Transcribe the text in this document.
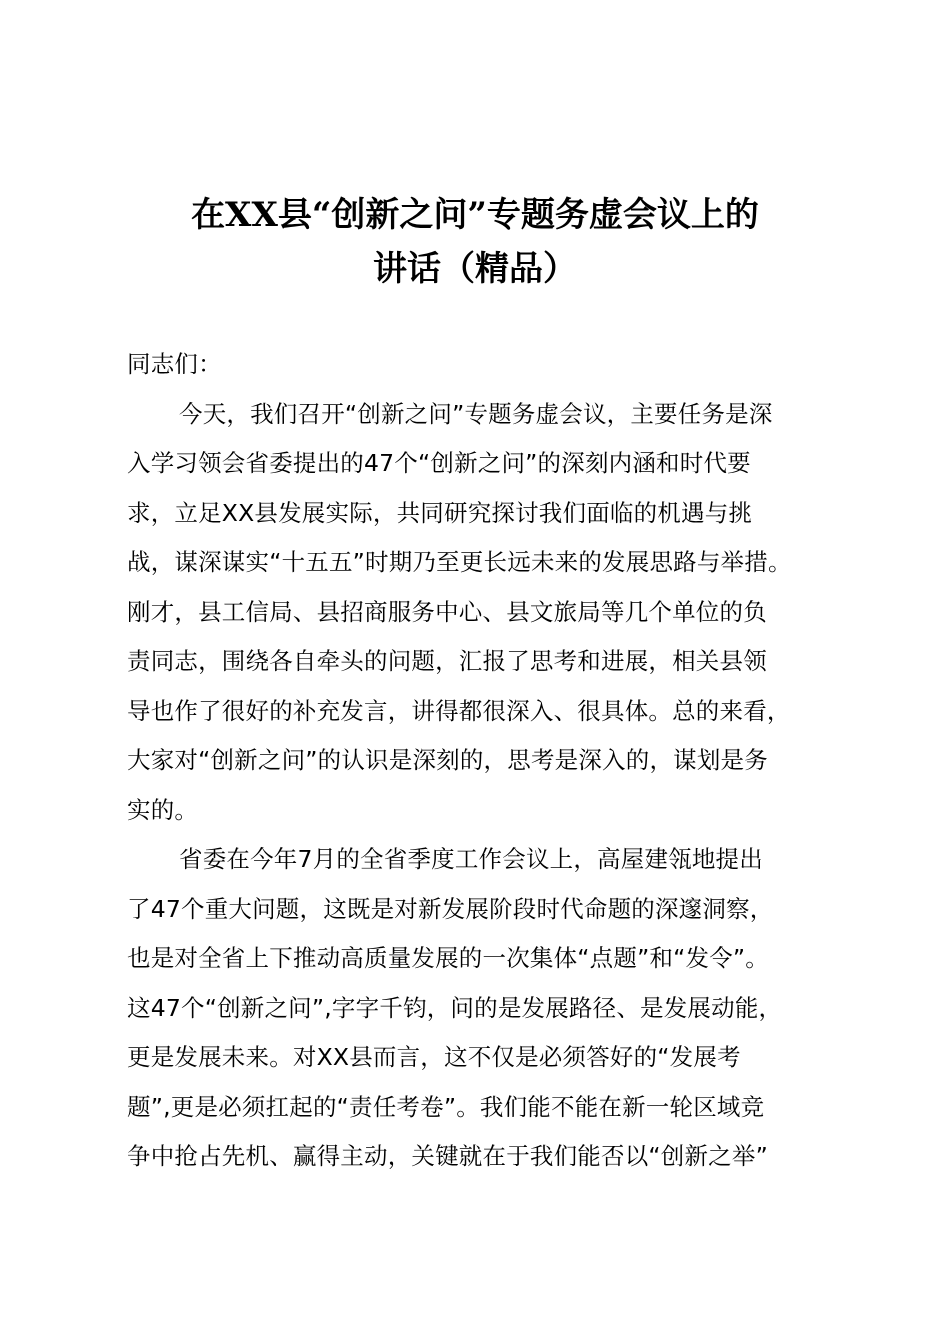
在XX县“创新之问”专题务虚会议上的
讲话（精品）
同志们：
今天，我们召开“创新之问”专题务虚会议，主要任务是深
入学习领会省委提出的47个“创新之问”的深刻内涵和时代要
求，立足XX县发展实际，共同研究探讨我们面临的机遇与挑
战，谋深谋实“十五五”时期乃至更长远未来的发展思路与举措。
刚才，县工信局、县招商服务中心、县文旅局等几个单位的负
责同志，围绕各自牵头的问题，汇报了思考和进展，相关县领
导也作了很好的补充发言，讲得都很深入、很具体。总的来看，
大家对“创新之问”的认识是深刻的，思考是深入的，谋划是务
实的。
省委在今年7月的全省季度工作会议上，高屋建瓴地提出
了47个重大问题，这既是对新发展阶段时代命题的深邃洞察，
也是对全省上下推动高质量发展的一次集体“点题”和“发令”。
这47个“创新之问”,字字千钧，问的是发展路径、是发展动能，
更是发展未来。对XX县而言，这不仅是必须答好的“发展考
题”,更是必须扛起的“责任考卷”。我们能不能在新一轮区域竞
争中抢占先机、赢得主动，关键就在于我们能否以“创新之举”
